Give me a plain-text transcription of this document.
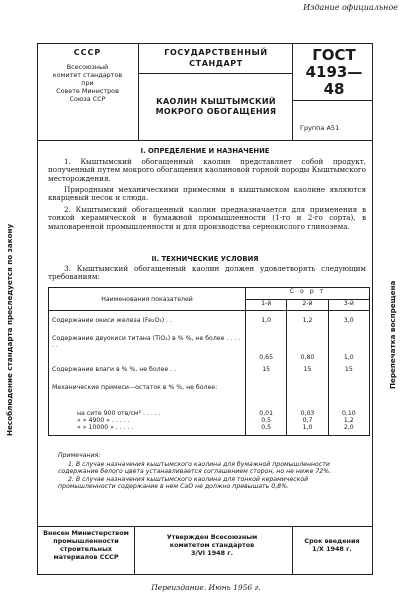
Издание официальное
Несоблюдение стандарта преследуется по закону	Перепечатка воспрещена
СССР
Всесоюзный
комитет стандартов
при
Совете Министров
Союза ССР
ГОСУДАРСТВЕННЫЙ
СТАНДАРТ
КАОЛИН КЫШТЫМСКИЙ
МОКРОГО ОБОГАЩЕНИЯ
ГОСТ
4193—48
Группа А51
I. ОПРЕДЕЛЕНИЕ И НАЗНАЧЕНИЕ
1. Кыштымский обогащенный каолин представляет собой продукт, полученный путем мокрого обогащения каолиновой горной породы Кыштымского месторождения.
Природными механическими примесями в кыштымском каолине являются кварцевый песок и слюда.
2. Кыштымский обогащенный каолин предназначается для применения в тонкой керамической и бумажной промышленности (1-го и 2-го сорта), в мыловаренной промышленности и для производства сернокислого глинозема.
II. ТЕХНИЧЕСКИЕ УСЛОВИЯ
3. Кыштымский обогащенный каолин должен удовлетворять следующим требованиям:
Наименования показателей	С о р т		
	1-й	2-й	3-й
Содержание окиси железа (Fe₂O₃) . .	1,0	1,2	3,0
Содержание двуокиси титана (TiO₂) в % %, не более . . . . . .	0,65	0,80	1,0
Содержание влаги в % %, не более . .	15	15	15
Механические примеси—остаток в % %, не более:			
на сите 900 отв/см² . . . . .	0,01	0,03	0,10
» » 4900 » . . . . .	0,5	0,7	1,2
» » 10000 » . . . . .	0,5	1,0	2,0
Примечания:

1. В случае назначения кыштымского каолина для бумажной промышленности содержание белого цвета устанавливается соглашением сторон, но не ниже 72%.

2. В случае назначения кыштымского каолина для тонкой керамической промышленности содержание в нем CaO не должно превышать 0,8%.

Внесен Министерством
промышленности
строительных
материалов СССР
Утвержден Всесоюзным
комитетом стандартов
3/VI 1948 г.
Срок введения
1/X 1948 г.
Переиздание. Июнь 1956 г.
